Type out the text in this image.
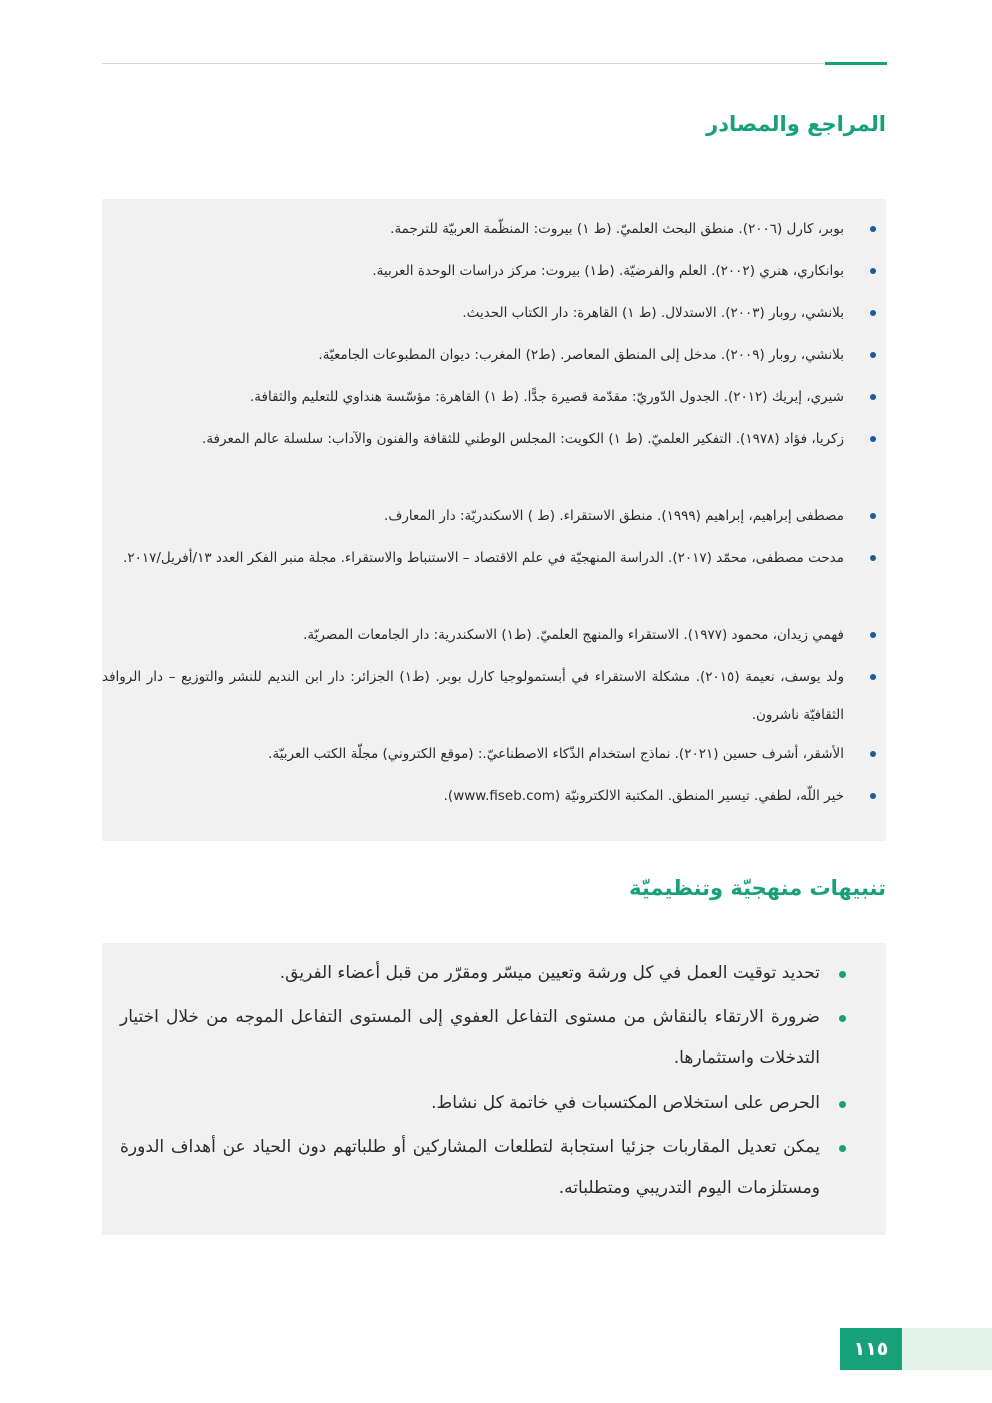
المراجع والمصادر
بوبر، كارل (٢٠٠٦). منطق البحث العلميّ. (ط ١) بيروت: المنظّمة العربيّة للترجمة.
بوانكاري، هنري (٢٠٠٢). العلم والفرضيّة. (ط١) بيروت: مركز دراسات الوحدة العربية.
بلانشي، روبار (٢٠٠٣). الاستدلال. (ط ١) القاهرة: دار الكتاب الحديث.
بلانشي، روبار (٢٠٠٩). مدخل إلى المنطق المعاصر. (ط٢) المغرب: ديوان المطبوعات الجامعيّة.
شيري، إيريك (٢٠١٢). الجدول الدّوريّ: مقدّمة قصيرة جدًّا. (ط ١) القاهرة: مؤسّسة هنداوي للتعليم والثقافة.
زكريا، فؤاد (١٩٧٨). التفكير العلميّ. (ط ١) الكويت: المجلس الوطني للثقافة والفنون والآداب: سلسلة عالم المعرفة.
مصطفى إبراهيم، إبراهيم (١٩٩٩). منطق الاستقراء. (ط ) الاسكندريّة: دار المعارف.
مدحت مصطفى، محمّد (٢٠١٧). الدراسة المنهجيّة في علم الاقتصاد – الاستنباط والاستقراء. مجلة منبر الفكر العدد ١٣/أفريل/٢٠١٧.
فهمي زيدان، محمود (١٩٧٧). الاستقراء والمنهج العلميّ. (ط١) الاسكندرية: دار الجامعات المصريّة.
ولد يوسف، نعيمة (٢٠١٥). مشكلة الاستقراء في أبستمولوجيا كارل بوبر. (ط١) الجزائر: دار ابن النديم للنشر والتوزيع – دار الروافد الثقافيّة ناشرون.
الأشقر، أشرف حسين (٢٠٢١). نماذج استخدام الذّكاء الاصطناعيّ.: (موقع الكتروني) مجلّة الكتب العربيّة.
خير اللّه، لطفي. تيسير المنطق. المكتبة الالكترونيّة (www.fiseb.com).
تنبيهات منهجيّة وتنظيميّة
تحديد توقيت العمل في كل ورشة وتعيين ميسّر ومقرّر من قبل أعضاء الفريق.
ضرورة الارتقاء بالنقاش من مستوى التفاعل العفوي إلى المستوى التفاعل الموجه من خلال اختيار التدخلات واستثمارها.
الحرص على استخلاص المكتسبات في خاتمة كل نشاط.
يمكن تعديل المقاربات جزئيا استجابة لتطلعات المشاركين أو طلباتهم دون الحياد عن أهداف الدورة ومستلزمات اليوم التدريبي ومتطلباته.
١١٥
